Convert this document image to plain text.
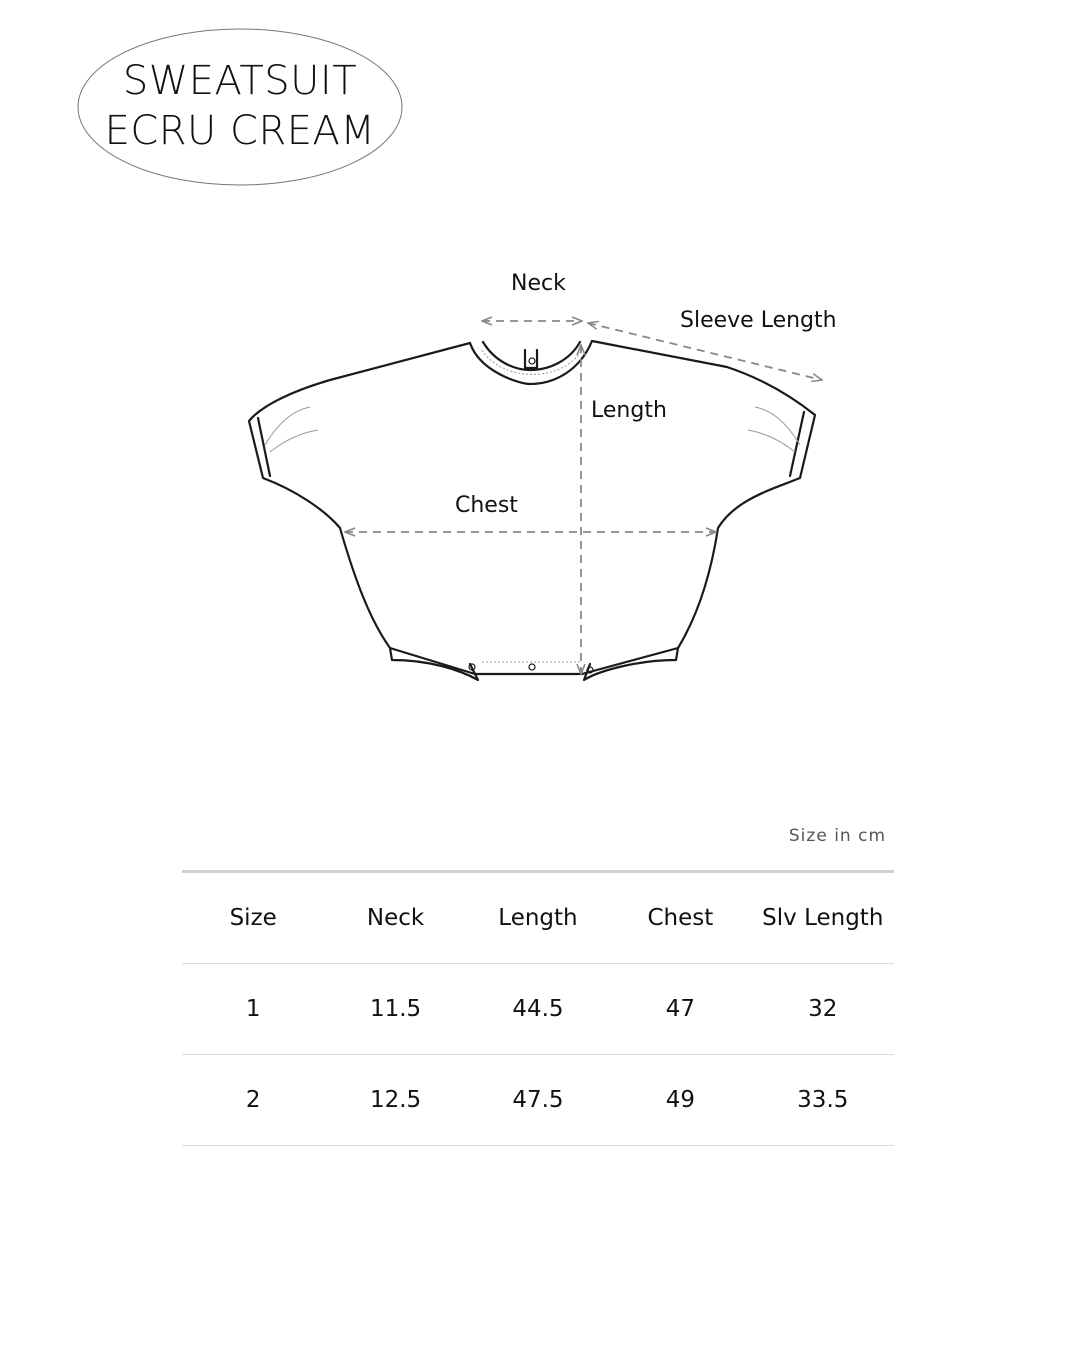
SWEATSUIT
ECRU CREAM
Neck
Sleeve Length
Length
Chest
Size in cm
Size	Neck	Length	Chest	Slv Length
1	11.5	44.5	47	32
2	12.5	47.5	49	33.5
